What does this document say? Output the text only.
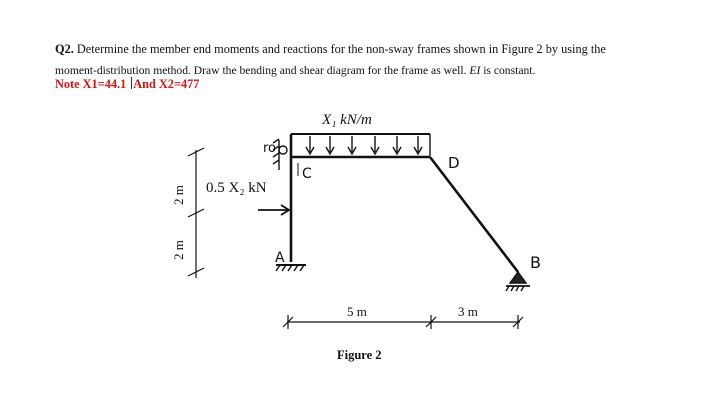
Q2. Determine the member end moments and reactions for the non-sway frames shown in Figure 2 by using the
moment-distribution method. Draw the bending and shear diagram for the frame as well. EI is constant.
Note X1=44.1 And X2=477
X₁ kN/m
ro
0.5 X₂ kN
A	B
C
D
2 m
2 m
5 m	3 m
Figure 2
